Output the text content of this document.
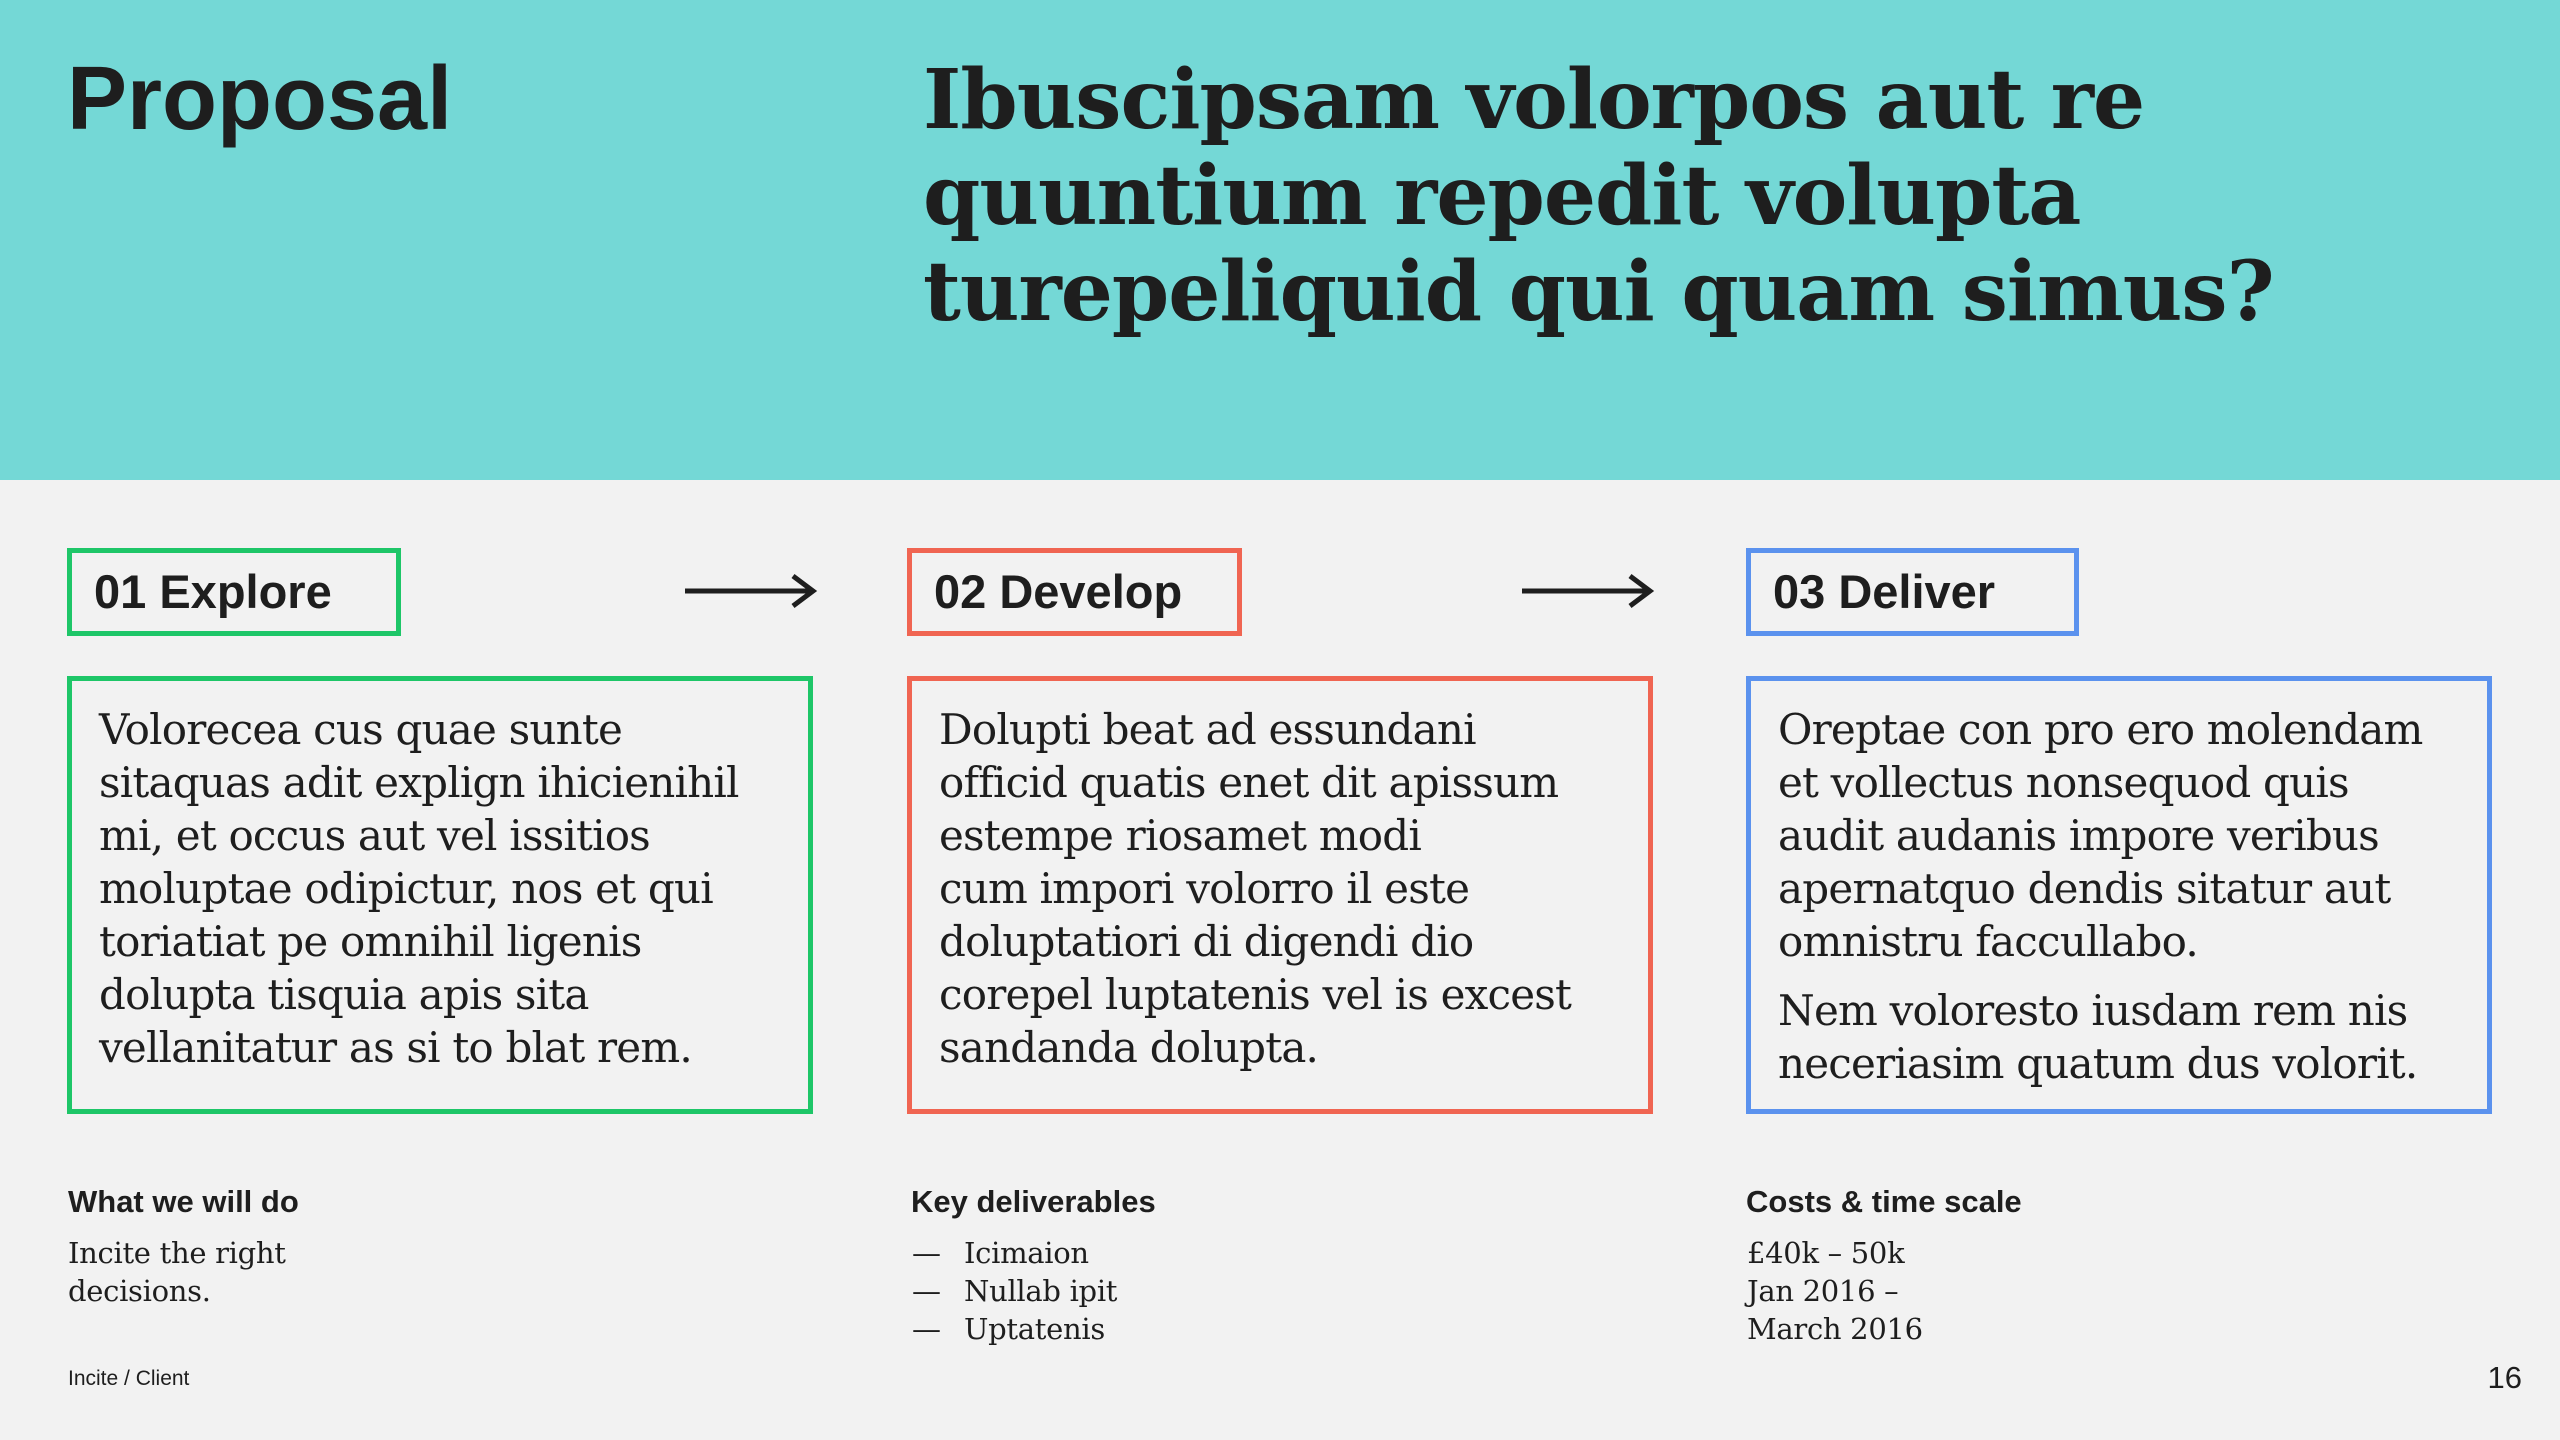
Proposal	Ibuscipsam volorpos aut re
quuntium repedit volupta
turepeliquid qui quam simus?
01 Explore	02 Develop	03 Deliver

Volorecea cus quae sunte
sitaquas adit explign ihicienihil
mi, et occus aut vel issitios
moluptae odipictur, nos et qui
toriatiat pe omnihil ligenis
dolupta tisquia apis sita
vellanitatur as si to blat rem.

Dolupti beat ad essundani
officid quatis enet dit apissum
estempe riosamet modi
cum impori volorro il este
doluptatiori di digendi dio
corepel luptatenis vel is excest
sandanda dolupta.

Oreptae con pro ero molendam
et vollectus nonsequod quis
audit audanis impore veribus
apernatquo dendis sitatur aut
omnistru faccullabo.

Nem voloresto iusdam rem nis
neceriasim quatum dus volorit.

What we will do
Incite the right
decisions.
Key deliverables
— Icimaion
— Nullab ipit
— Uptatenis
Costs & time scale
£40k – 50k
Jan 2016 –
March 2016
Incite / Client	16
